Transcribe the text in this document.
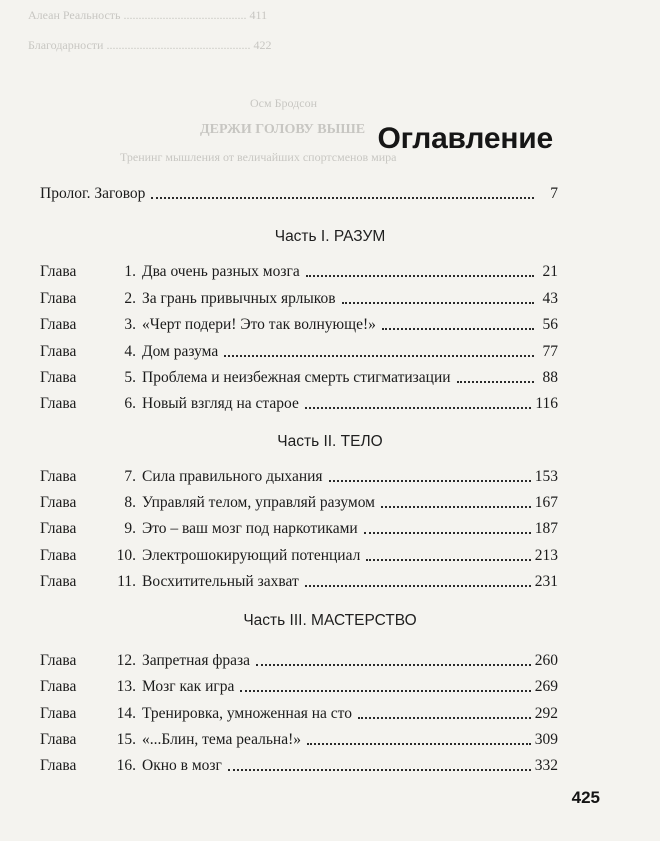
Алеан Реальность ......................................... 411
Благодарности ................................................ 422
Осм Бродсон
ДЕРЖИ ГОЛОВУ ВЫШЕ
Тренинг мышления от величайших спортсменов мира
Оглавление
Пролог. Заговор	7
Часть I. РАЗУМ
Глава	1. Два очень разных мозга	21
Глава	2. За грань привычных ярлыков	43
Глава	3. «Черт подери! Это так волнующе!»	56
Глава	4. Дом разума	77
Глава	5. Проблема и неизбежная смерть стигматизации	88
Глава	6. Новый взгляд на старое	116
Часть II. ТЕЛО
Глава	7. Сила правильного дыхания	153
Глава	8. Управляй телом, управляй разумом	167
Глава	9. Это – ваш мозг под наркотиками	187
Глава	10. Электрошокирующий потенциал	213
Глава	11. Восхитительный захват	231
Часть III. МАСТЕРСТВО
Глава	12. Запретная фраза	260
Глава	13. Мозг как игра	269
Глава	14. Тренировка, умноженная на сто	292
Глава	15. «...Блин, тема реальна!»	309
Глава	16. Окно в мозг	332
425
